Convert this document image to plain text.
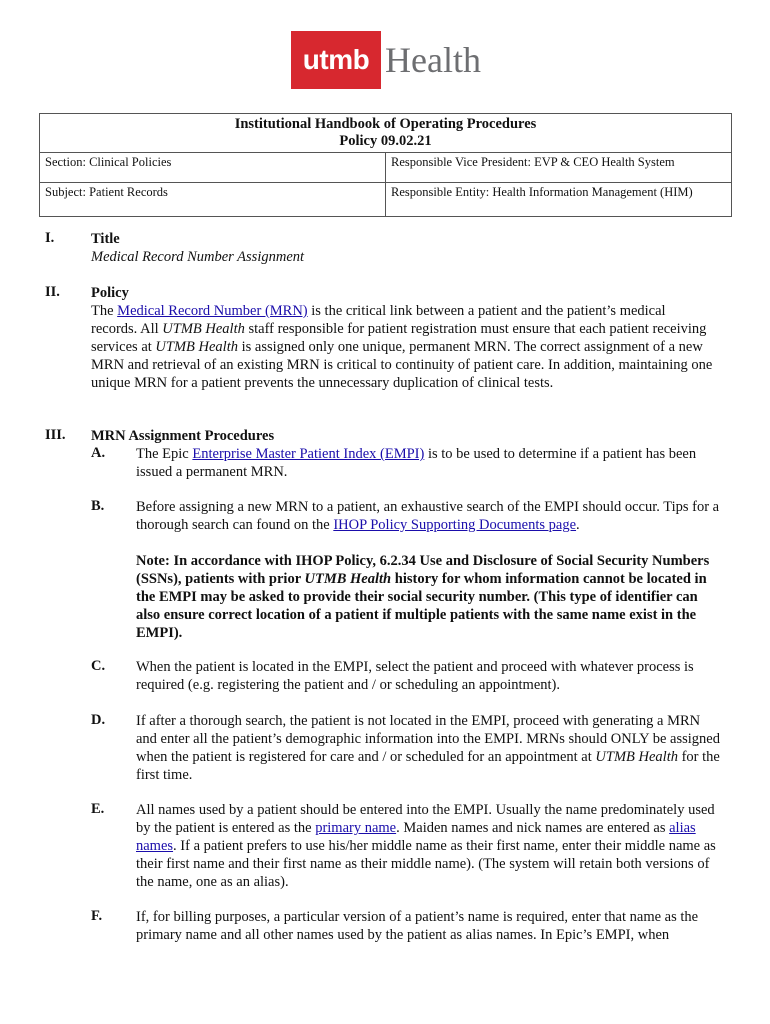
utmb Health
Institutional Handbook of Operating Procedures
Policy 09.02.21	

Section: Clinical Policies	Responsible Vice President: EVP & CEO Health System
Subject: Patient Records	Responsible Entity: Health Information Management (HIM)
I.	Title
Medical Record Number Assignment
II. Policy
The Medical Record Number (MRN) is the critical link between a patient and the patient’s medical records. All UTMB Health staff responsible for patient registration must ensure that each patient receiving services at UTMB Health is assigned only one unique, permanent MRN. The correct assignment of a new MRN and retrieval of an existing MRN is critical to continuity of patient care. In addition, maintaining one unique MRN for a patient prevents the unnecessary duplication of clinical tests.
III. MRN Assignment Procedures
A. The Epic Enterprise Master Patient Index (EMPI) is to be used to determine if a patient has been issued a permanent MRN.
B. Before assigning a new MRN to a patient, an exhaustive search of the EMPI should occur. Tips for a thorough search can found on the IHOP Policy Supporting Documents page.
Note: In accordance with IHOP Policy, 6.2.34 Use and Disclosure of Social Security Numbers (SSNs), patients with prior UTMB Health history for whom information cannot be located in the EMPI may be asked to provide their social security number. (This type of identifier can also ensure correct location of a patient if multiple patients with the same name exist in the EMPI).
C. When the patient is located in the EMPI, select the patient and proceed with whatever process is required (e.g. registering the patient and / or scheduling an appointment).
D. If after a thorough search, the patient is not located in the EMPI, proceed with generating a MRN and enter all the patient’s demographic information into the EMPI. MRNs should ONLY be assigned when the patient is registered for care and / or scheduled for an appointment at UTMB Health for the first time.
E. All names used by a patient should be entered into the EMPI. Usually the name predominately used by the patient is entered as the primary name. Maiden names and nick names are entered as alias names. If a patient prefers to use his/her middle name as their first name, enter their middle name as their first name and their first name as their middle name). (The system will retain both versions of the name, one as an alias).
F. If, for billing purposes, a particular version of a patient’s name is required, enter that name as the primary name and all other names used by the patient as alias names. In Epic’s EMPI, when
